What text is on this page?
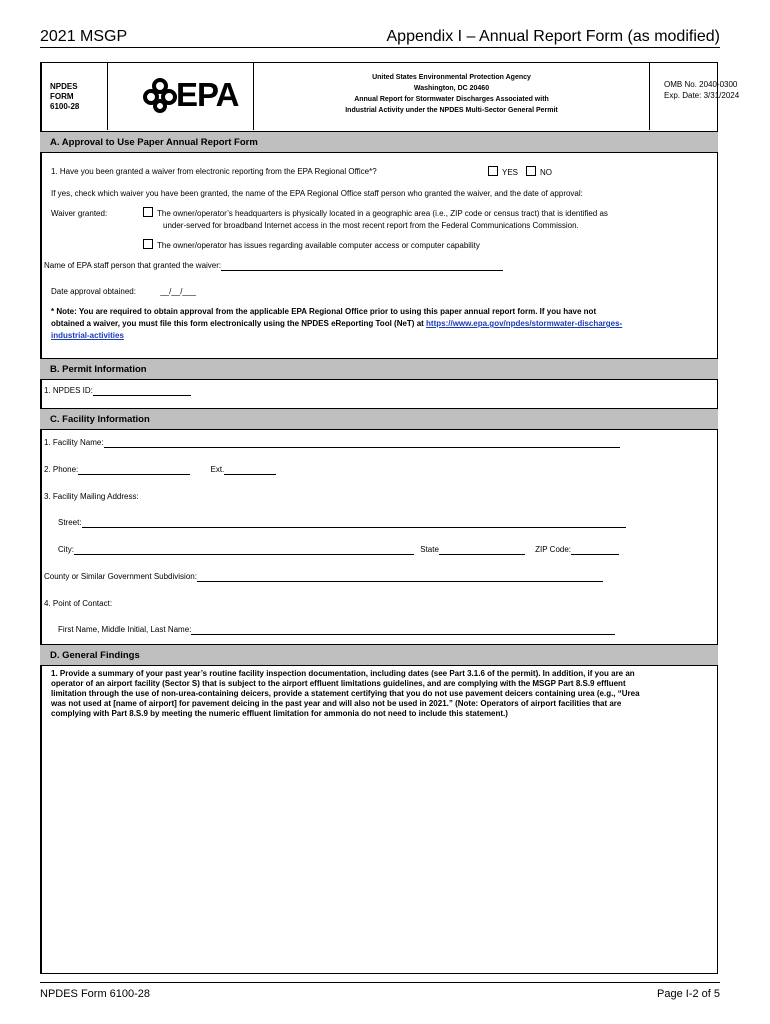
2021 MSGP	Appendix I – Annual Report Form (as modified)
NPDES
FORM
6100-28	EPA	United States Environmental Protection Agency
Washington, DC 20460
Annual Report for Stormwater Discharges Associated with
Industrial Activity under the NPDES Multi-Sector General Permit
OMB No. 2040-0300
Exp. Date: 3/31/2024
A. Approval to Use Paper Annual Report Form
1. Have you been granted a waiver from electronic reporting from the EPA Regional Office*?	YES	NO
If yes, check which waiver you have been granted, the name of the EPA Regional Office staff person who granted the waiver, and the date of approval:
Waiver granted:	The owner/operator’s headquarters is physically located in a geographic area (i.e., ZIP code or census tract) that is identified as
under-served for broadband Internet access in the most recent report from the Federal Communications Commission.
The owner/operator has issues regarding available computer access or computer capability
Name of EPA staff person that granted the waiver:
Date approval obtained:	__/__/___
* Note: You are required to obtain approval from the applicable EPA Regional Office prior to using this paper annual report form. If you have not
obtained a waiver, you must file this form electronically using the NPDES eReporting Tool (NeT) at https://www.epa.gov/npdes/stormwater-discharges-
industrial-activities
B. Permit Information
1. NPDES ID:
C. Facility Information
1. Facility Name:
2. Phone:	Ext.
3. Facility Mailing Address:
Street:
City:	State	ZIP Code:
County or Similar Government Subdivision:
4. Point of Contact:
First Name, Middle Initial, Last Name:
D. General Findings
1. Provide a summary of your past year’s routine facility inspection documentation, including dates (see Part 3.1.6 of the permit). In addition, if you are an
operator of an airport facility (Sector S) that is subject to the airport effluent limitations guidelines, and are complying with the MSGP Part 8.S.9 effluent
limitation through the use of non-urea-containing deicers, provide a statement certifying that you do not use pavement deicers containing urea (e.g., “Urea
was not used at [name of airport] for pavement deicing in the past year and will also not be used in 2021.” (Note: Operators of airport facilities that are
complying with Part 8.S.9 by meeting the numeric effluent limitation for ammonia do not need to include this statement.)
NPDES Form 6100-28	Page I-2 of 5
